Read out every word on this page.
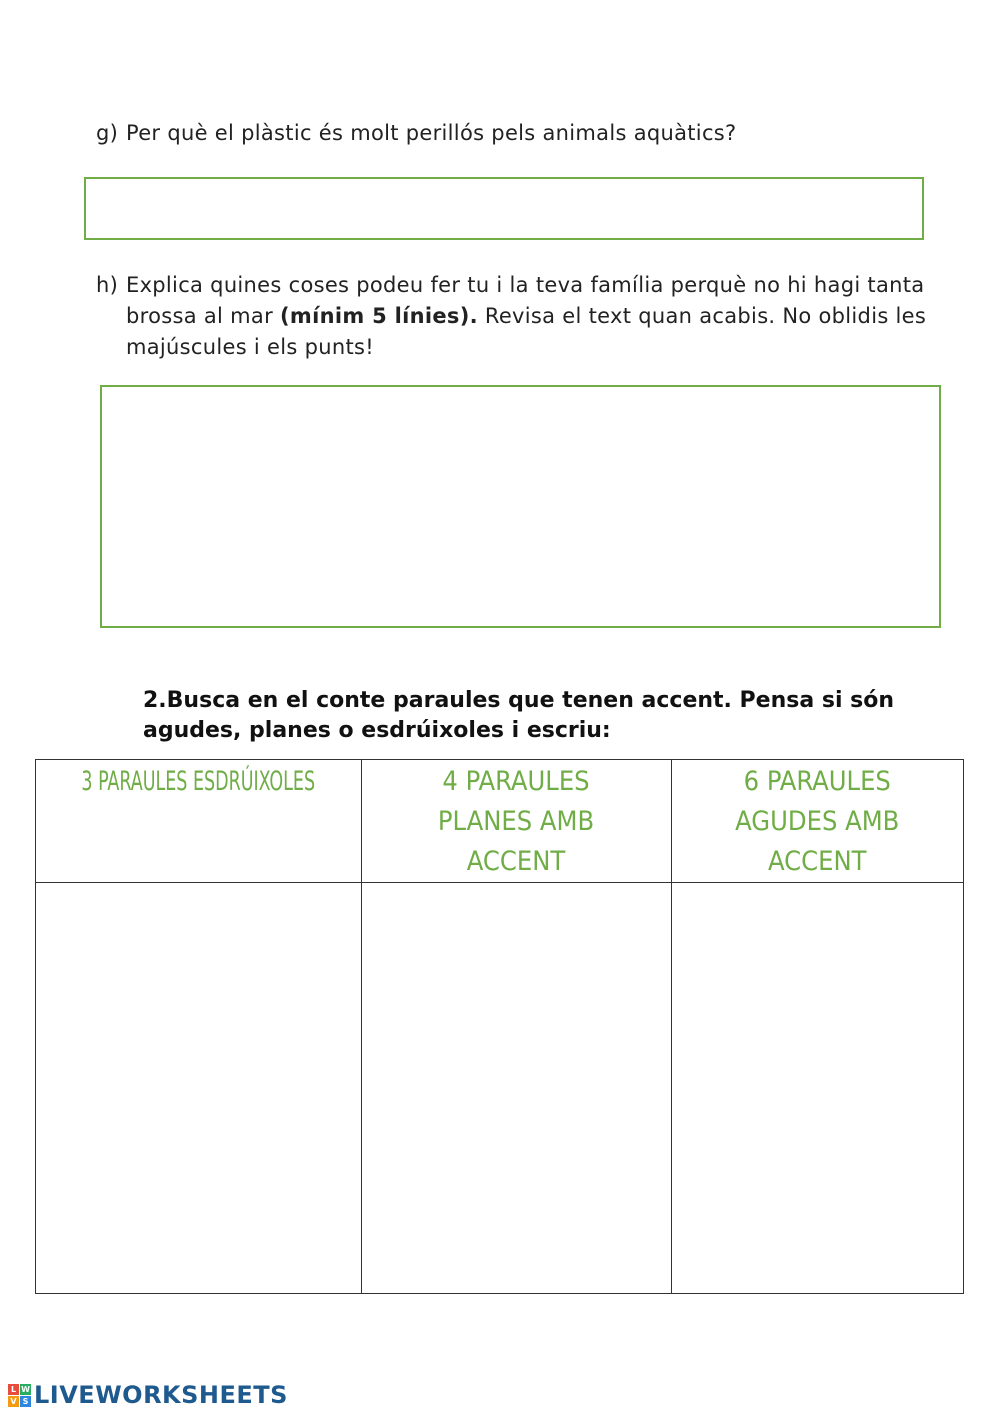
g) Per què el plàstic és molt perillós pels animals aquàtics?
h) Explica quines coses podeu fer tu i la teva família perquè no hi hagi tanta brossa al mar (mínim 5 línies). Revisa el text quan acabis. No oblidis les majúscules i els punts!
2.Busca en el conte paraules que tenen accent. Pensa si són agudes, planes o esdrúixoles i escriu:
3 PARAULES ESDRÚIXOLES	4 PARAULES PLANES AMB ACCENT	6 PARAULES AGUDES AMB ACCENT

L W
V S LIVEWORKSHEETS
